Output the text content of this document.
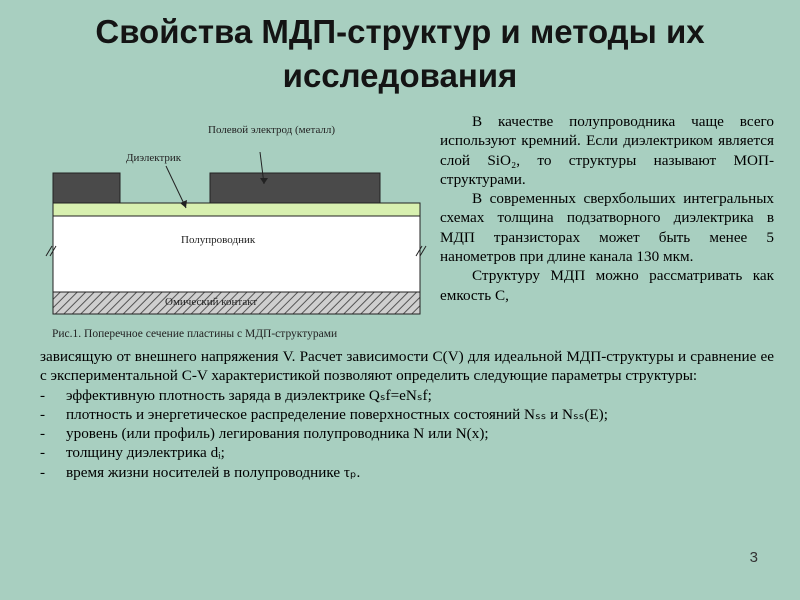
Свойства МДП-структур и методы их
исследования
Полевой электрод (металл)
Диэлектрик
Полупроводник
Омический контакт
Рис.1. Поперечное сечение пластины с МДП-структурами

В качестве полупроводника чаще всего используют кремний. Если диэлектриком является слой SiO₂, то структуры называют МОП-структурами.

В современных сверхбольших интегральных схемах толщина подзатворного диэлектрика в МДП транзисторах может быть менее 5 нанометров при длине канала 130 мкм.

Структуру МДП можно рассматривать как емкость C,

зависящую от внешнего напряжения V. Расчет зависимости C(V) для идеальной МДП-структуры и сравнение ее с экспериментальной C-V характеристикой позволяют определить следующие параметры структуры:

- эффективную плотность заряда в диэлектрике Qₛf=eNₛf;
- плотность и энергетическое распределение поверхностных состояний Nₛₛ и Nₛₛ(E);
- уровень (или профиль) легирования полупроводника N или N(x);
- толщину диэлектрика dᵢ;
- время жизни носителей в полупроводнике τₚ.
3
